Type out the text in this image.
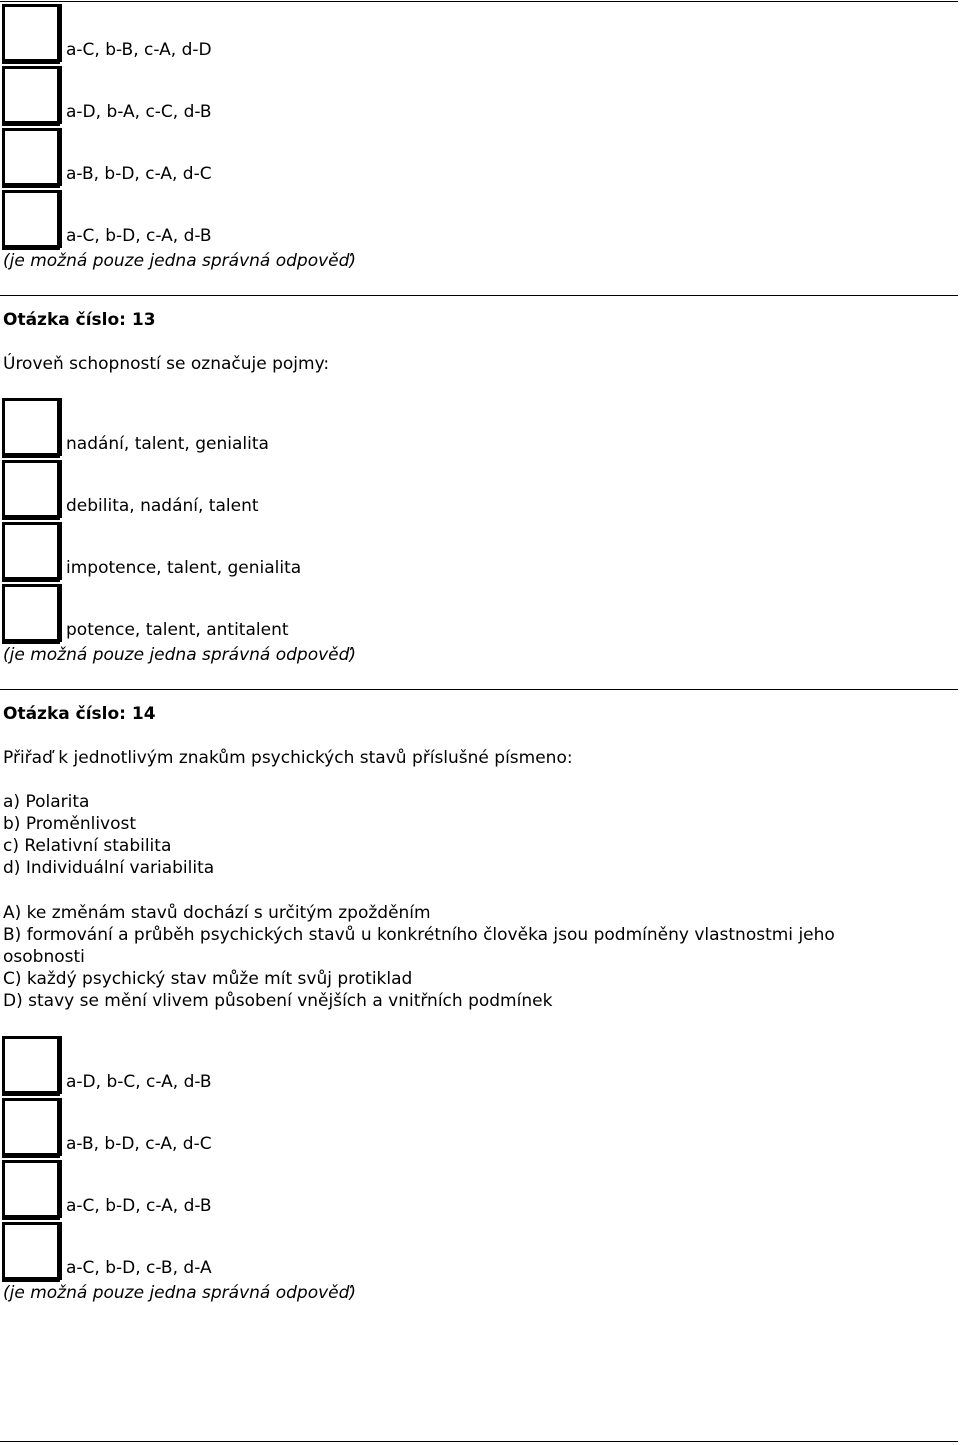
a-C, b-B, c-A, d-D
a-D, b-A, c-C, d-B
a-B, b-D, c-A, d-C
a-C, b-D, c-A, d-B
(je možná pouze jedna správná odpověď)
Otázka číslo: 13
Úroveň schopností se označuje pojmy:
nadání, talent, genialita
debilita, nadání, talent
impotence, talent, genialita
potence, talent, antitalent
(je možná pouze jedna správná odpověď)
Otázka číslo: 14
Přiřaď k jednotlivým znakům psychických stavů příslušné písmeno:
a) Polarita
b) Proměnlivost
c) Relativní stabilita
d) Individuální variabilita
A) ke změnám stavů dochází s určitým zpožděním
B) formování a průběh psychických stavů u konkrétního člověka jsou podmíněny vlastnostmi jeho
osobnosti
C) každý psychický stav může mít svůj protiklad
D) stavy se mění vlivem působení vnějších a vnitřních podmínek
a-D, b-C, c-A, d-B
a-B, b-D, c-A, d-C
a-C, b-D, c-A, d-B
a-C, b-D, c-B, d-A
(je možná pouze jedna správná odpověď)
